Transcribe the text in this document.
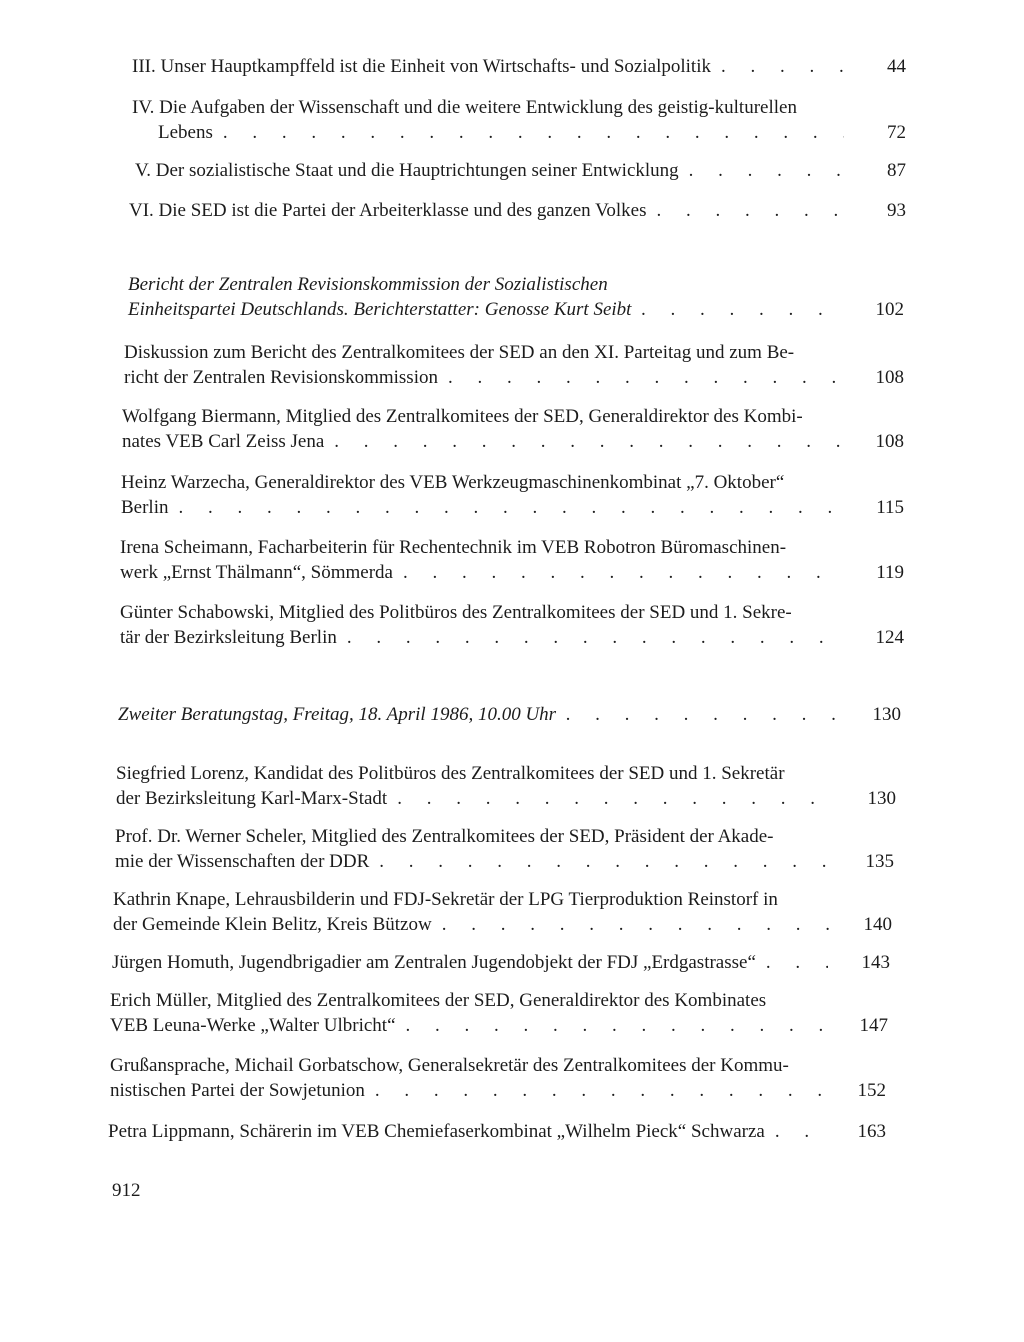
III. Unser Hauptkampffeld ist die Einheit von Wirtschafts- und Sozialpolitik . . .	44
IV. Die Aufgaben der Wissenschaft und die weitere Entwicklung des geistig-kulturellen
Lebens . . .	72
V. Der sozialistische Staat und die Hauptrichtungen seiner Entwicklung . . .	87
VI. Die SED ist die Partei der Arbeiterklasse und des ganzen Volkes . . .	93
Bericht der Zentralen Revisionskommission der Sozialistischen
Einheitspartei Deutschlands. Berichterstatter: Genosse Kurt Seibt . . .	102
Diskussion zum Bericht des Zentralkomitees der SED an den XI. Parteitag und zum Be-
richt der Zentralen Revisionskommission . . .	108
Wolfgang Biermann, Mitglied des Zentralkomitees der SED, Generaldirektor des Kombi-
nates VEB Carl Zeiss Jena . . .	108
Heinz Warzecha, Generaldirektor des VEB Werkzeugmaschinenkombinat „7. Oktober“
Berlin . . .	115
Irena Scheimann, Facharbeiterin für Rechentechnik im VEB Robotron Büromaschinen-
werk „Ernst Thälmann“, Sömmerda . . .	119
Günter Schabowski, Mitglied des Politbüros des Zentralkomitees der SED und 1. Sekre-
tär der Bezirksleitung Berlin . . .	124
Zweiter Beratungstag, Freitag, 18. April 1986, 10.00 Uhr . . .	130
Siegfried Lorenz, Kandidat des Politbüros des Zentralkomitees der SED und 1. Sekretär
der Bezirksleitung Karl-Marx-Stadt . . .	130
Prof. Dr. Werner Scheler, Mitglied des Zentralkomitees der SED, Präsident der Akade-
mie der Wissenschaften der DDR . . .	135
Kathrin Knape, Lehrausbilderin und FDJ-Sekretär der LPG Tierproduktion Reinstorf in
der Gemeinde Klein Belitz, Kreis Bützow . . .	140
Jürgen Homuth, Jugendbrigadier am Zentralen Jugendobjekt der FDJ „Erdgastrasse“ . . .	143
Erich Müller, Mitglied des Zentralkomitees der SED, Generaldirektor des Kombinates
VEB Leuna-Werke „Walter Ulbricht“ . . .	147
Grußansprache, Michail Gorbatschow, Generalsekretär des Zentralkomitees der Kommu-
nistischen Partei der Sowjetunion . . .	152
Petra Lippmann, Schärerin im VEB Chemiefaserkombinat „Wilhelm Pieck“ Schwarza . . .	163
912
